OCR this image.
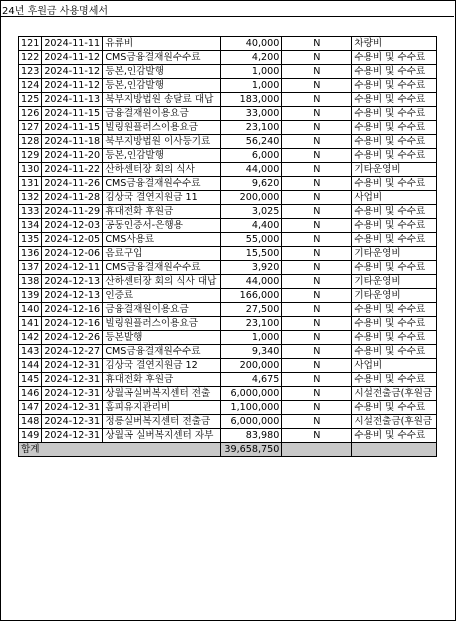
24년 후원금 사용명세서
121	2024-11-11	유류비	40,000	N	차량비
122	2024-11-12	CMS금융결재원수수료	4,200	N	수용비 및 수수료
123	2024-11-12	등본,인감발행	1,000	N	수용비 및 수수료
124	2024-11-12	등본,인감발행	1,000	N	수용비 및 수수료
125	2024-11-13	북부지방법원 송달료 대납	183,000	N	수용비 및 수수료
126	2024-11-15	금융결재원이용요금	33,000	N	수용비 및 수수료
127	2024-11-15	빌링원플러스이용요금	23,100	N	수용비 및 수수료
128	2024-11-18	북부지방법원 이사등기료	56,240	N	수용비 및 수수료
129	2024-11-20	등본,인감발행	6,000	N	수용비 및 수수료
130	2024-11-22	산하센터장 회의 식사	44,000	N	기타운영비
131	2024-11-26	CMS금융결재원수수료	9,620	N	수용비 및 수수료
132	2024-11-28	김상국 결연지원금 11	200,000	N	사업비
133	2024-11-29	휴대전화 후원금	3,025	N	수용비 및 수수료
134	2024-12-03	공동인증서-은행용	4,400	N	수용비 및 수수료
135	2024-12-05	CMS사용료	55,000	N	수용비 및 수수료
136	2024-12-06	음료구입	15,500	N	기타운영비
137	2024-12-11	CMS금융결재원수수료	3,920	N	수용비 및 수수료
138	2024-12-13	산하센터장 회의 식사 대납	44,000	N	기타운영비
139	2024-12-13	인증료	166,000	N	기타운영비
140	2024-12-16	금융결재원이용요금	27,500	N	수용비 및 수수료
141	2024-12-16	빌링원플러스이용요금	23,100	N	수용비 및 수수료
142	2024-12-26	등본발행	1,000	N	수용비 및 수수료
143	2024-12-27	CMS금융결재원수수료	9,340	N	수용비 및 수수료
144	2024-12-31	김상국 결연지원금 12	200,000	N	사업비
145	2024-12-31	휴대전화 후원금	4,675	N	수용비 및 수수료
146	2024-12-31	상월곡실버복지센터 전출	6,000,000	N	시설전출금(후원금
147	2024-12-31	홈피유지관리비	1,100,000	N	수용비 및 수수료
148	2024-12-31	정릉실버복지센터 전출금	6,000,000	N	시설전출금(후원금
149	2024-12-31	상월곡 실버복지센터 자부	83,980	N	수용비 및 수수료
합계			39,658,750		
